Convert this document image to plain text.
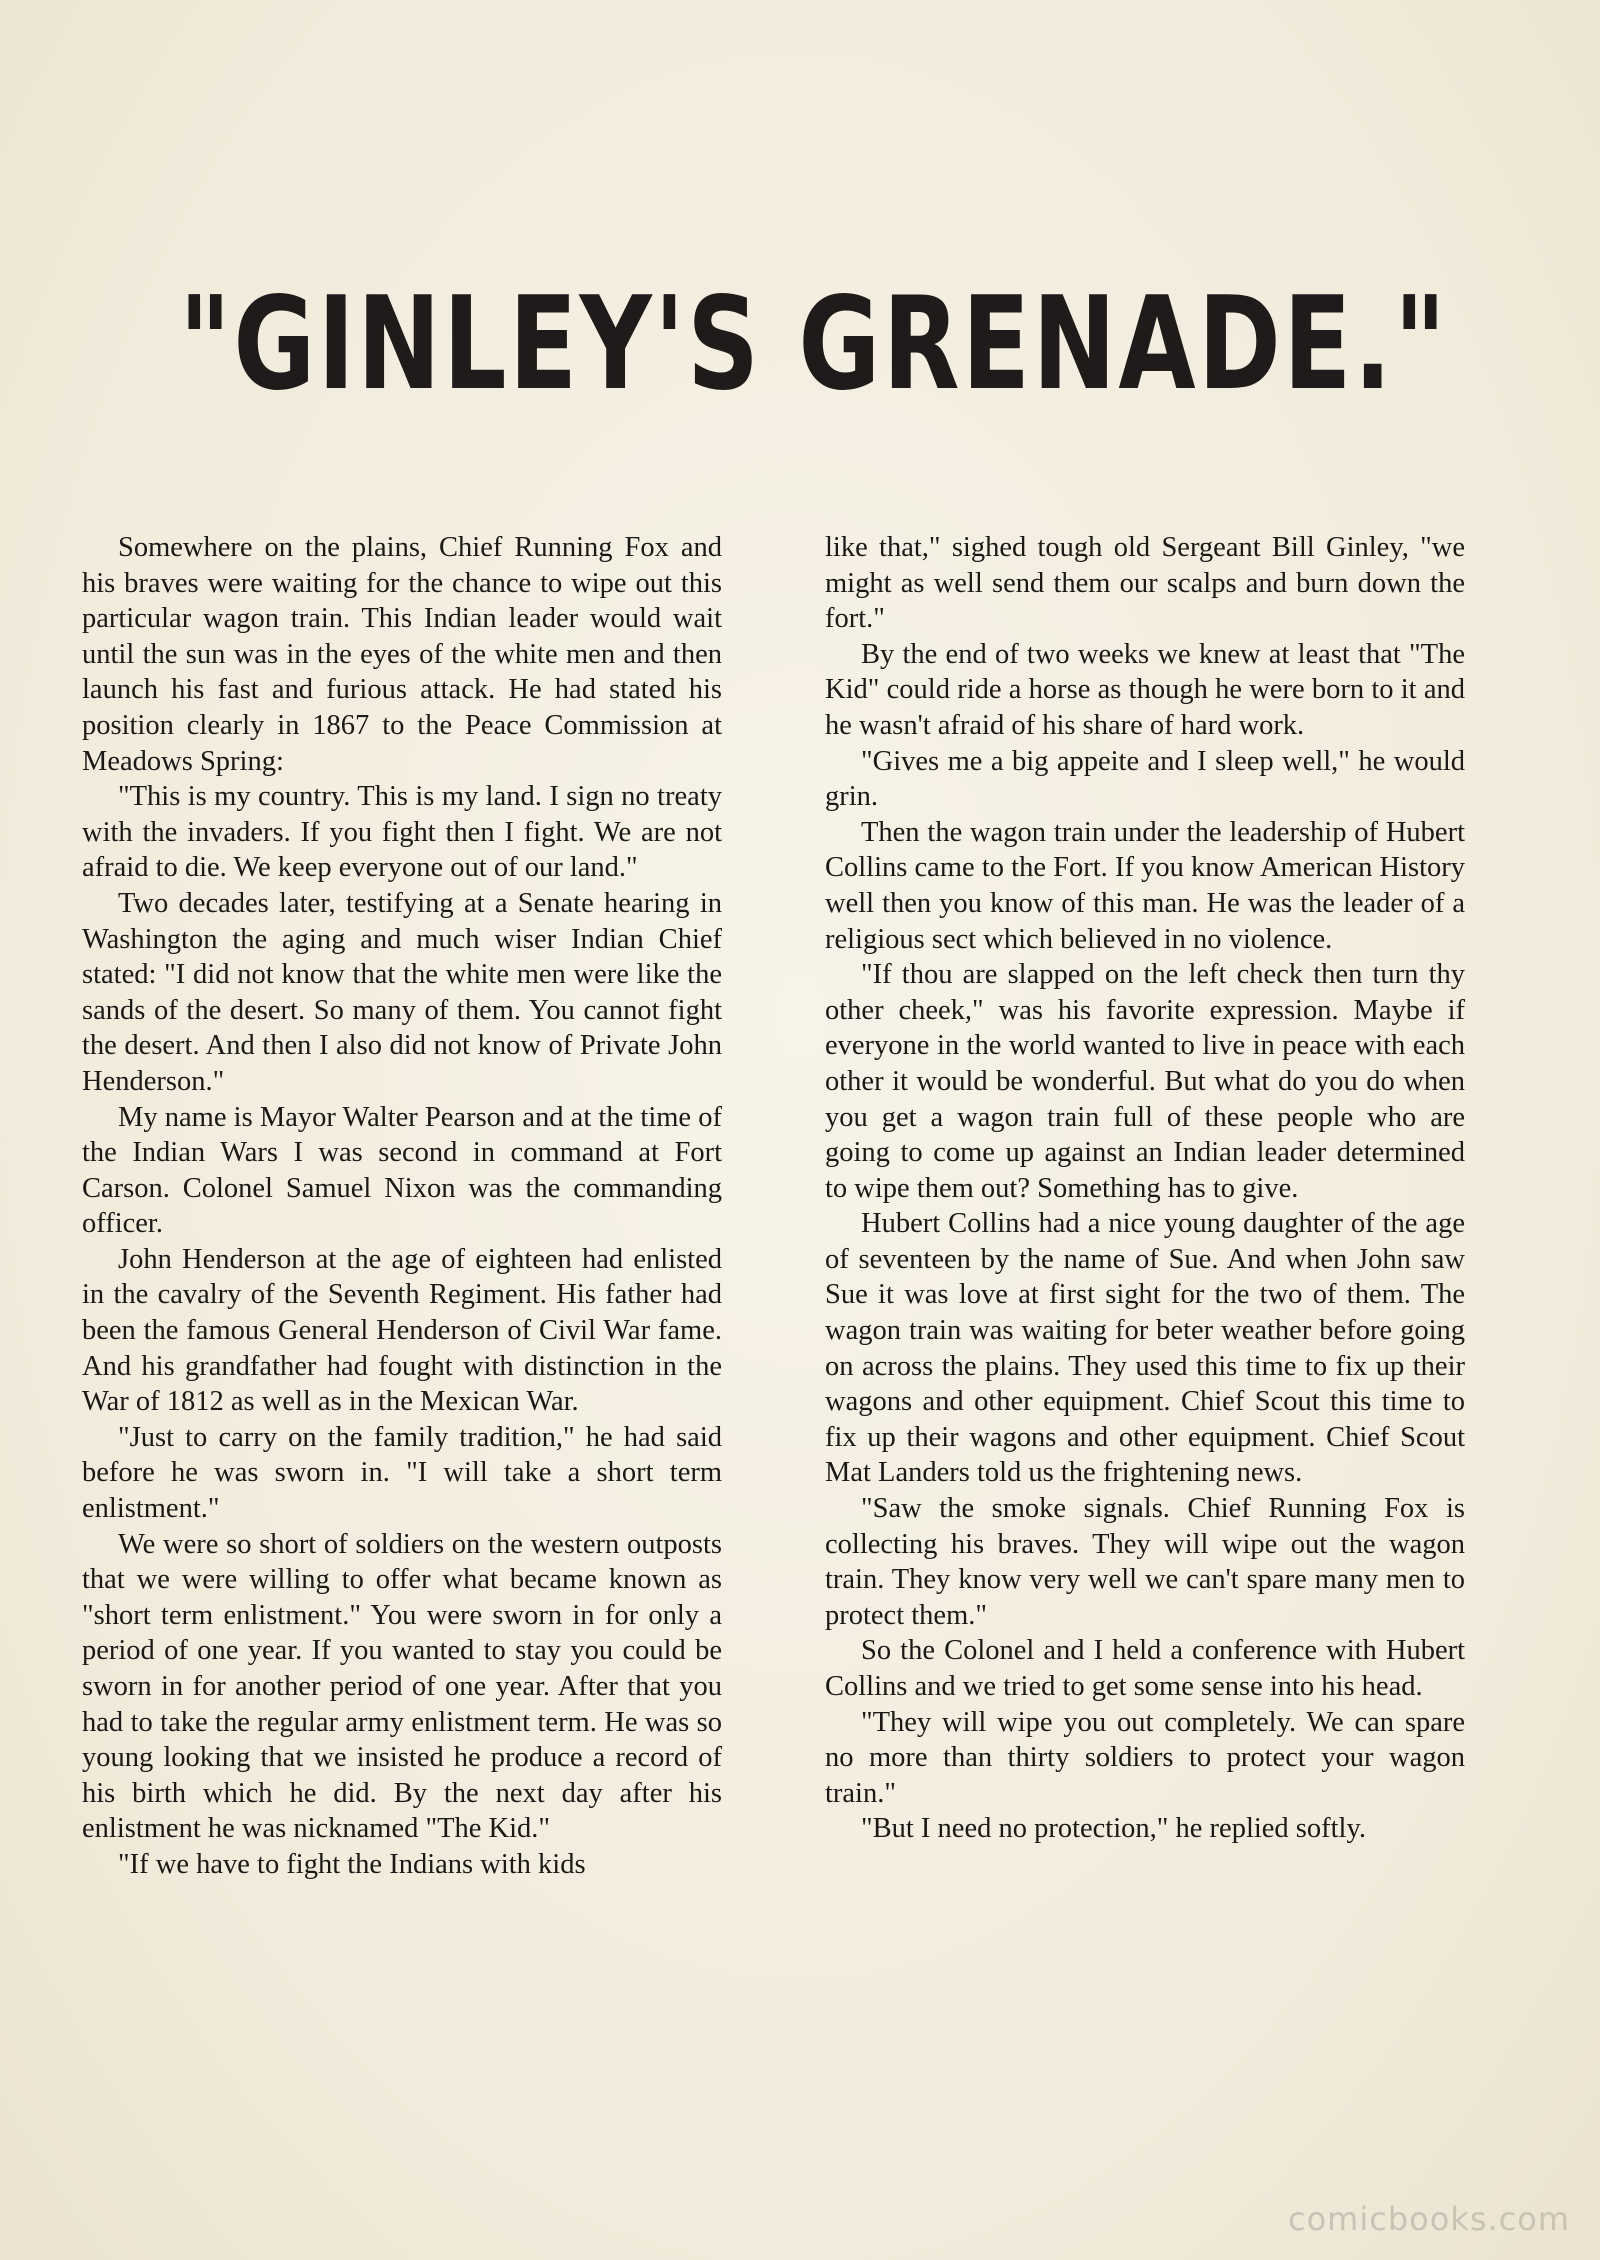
"GINLEY'S GRENADE."

Somewhere on the plains, Chief Running Fox and his braves were waiting for the chance to wipe out this particular wagon train. This Indian leader would wait until the sun was in the eyes of the white men and then launch his fast and furious attack. He had stated his position clearly in 1867 to the Peace Commission at Meadows Spring:

"This is my country. This is my land. I sign no treaty with the invaders. If you fight then I fight. We are not afraid to die. We keep everyone out of our land."

Two decades later, testifying at a Senate hearing in Washington the aging and much wiser Indian Chief stated: "I did not know that the white men were like the sands of the desert. So many of them. You cannot fight the desert. And then I also did not know of Private John Henderson."

My name is Mayor Walter Pearson and at the time of the Indian Wars I was second in command at Fort Carson. Colonel Samuel Nixon was the commanding officer.

John Henderson at the age of eighteen had enlisted in the cavalry of the Seventh Regiment. His father had been the famous General Henderson of Civil War fame. And his grandfather had fought with distinction in the War of 1812 as well as in the Mexican War.

"Just to carry on the family tradition," he had said before he was sworn in. "I will take a short term enlistment."

We were so short of soldiers on the western outposts that we were willing to offer what became known as "short term enlistment." You were sworn in for only a period of one year. If you wanted to stay you could be sworn in for another period of one year. After that you had to take the regular army enlistment term. He was so young looking that we insisted he produce a record of his birth which he did. By the next day after his enlistment he was nicknamed "The Kid."

"If we have to fight the Indians with kids

like that," sighed tough old Sergeant Bill Ginley, "we might as well send them our scalps and burn down the fort."

By the end of two weeks we knew at least that "The Kid" could ride a horse as though he were born to it and he wasn't afraid of his share of hard work.

"Gives me a big appeite and I sleep well," he would grin.

Then the wagon train under the leadership of Hubert Collins came to the Fort. If you know American History well then you know of this man. He was the leader of a religious sect which believed in no violence.

"If thou are slapped on the left check then turn thy other cheek," was his favorite expression. Maybe if everyone in the world wanted to live in peace with each other it would be wonderful. But what do you do when you get a wagon train full of these people who are going to come up against an Indian leader determined to wipe them out? Something has to give.

Hubert Collins had a nice young daughter of the age of seventeen by the name of Sue. And when John saw Sue it was love at first sight for the two of them. The wagon train was waiting for beter weather before going on across the plains. They used this time to fix up their wagons and other equipment. Chief Scout this time to fix up their wagons and other equipment. Chief Scout Mat Landers told us the frightening news.

"Saw the smoke signals. Chief Running Fox is collecting his braves. They will wipe out the wagon train. They know very well we can't spare many men to protect them."

So the Colonel and I held a conference with Hubert Collins and we tried to get some sense into his head.

"They will wipe you out completely. We can spare no more than thirty soldiers to protect your wagon train."

"But I need no protection," he replied softly.

comicbooks.com
